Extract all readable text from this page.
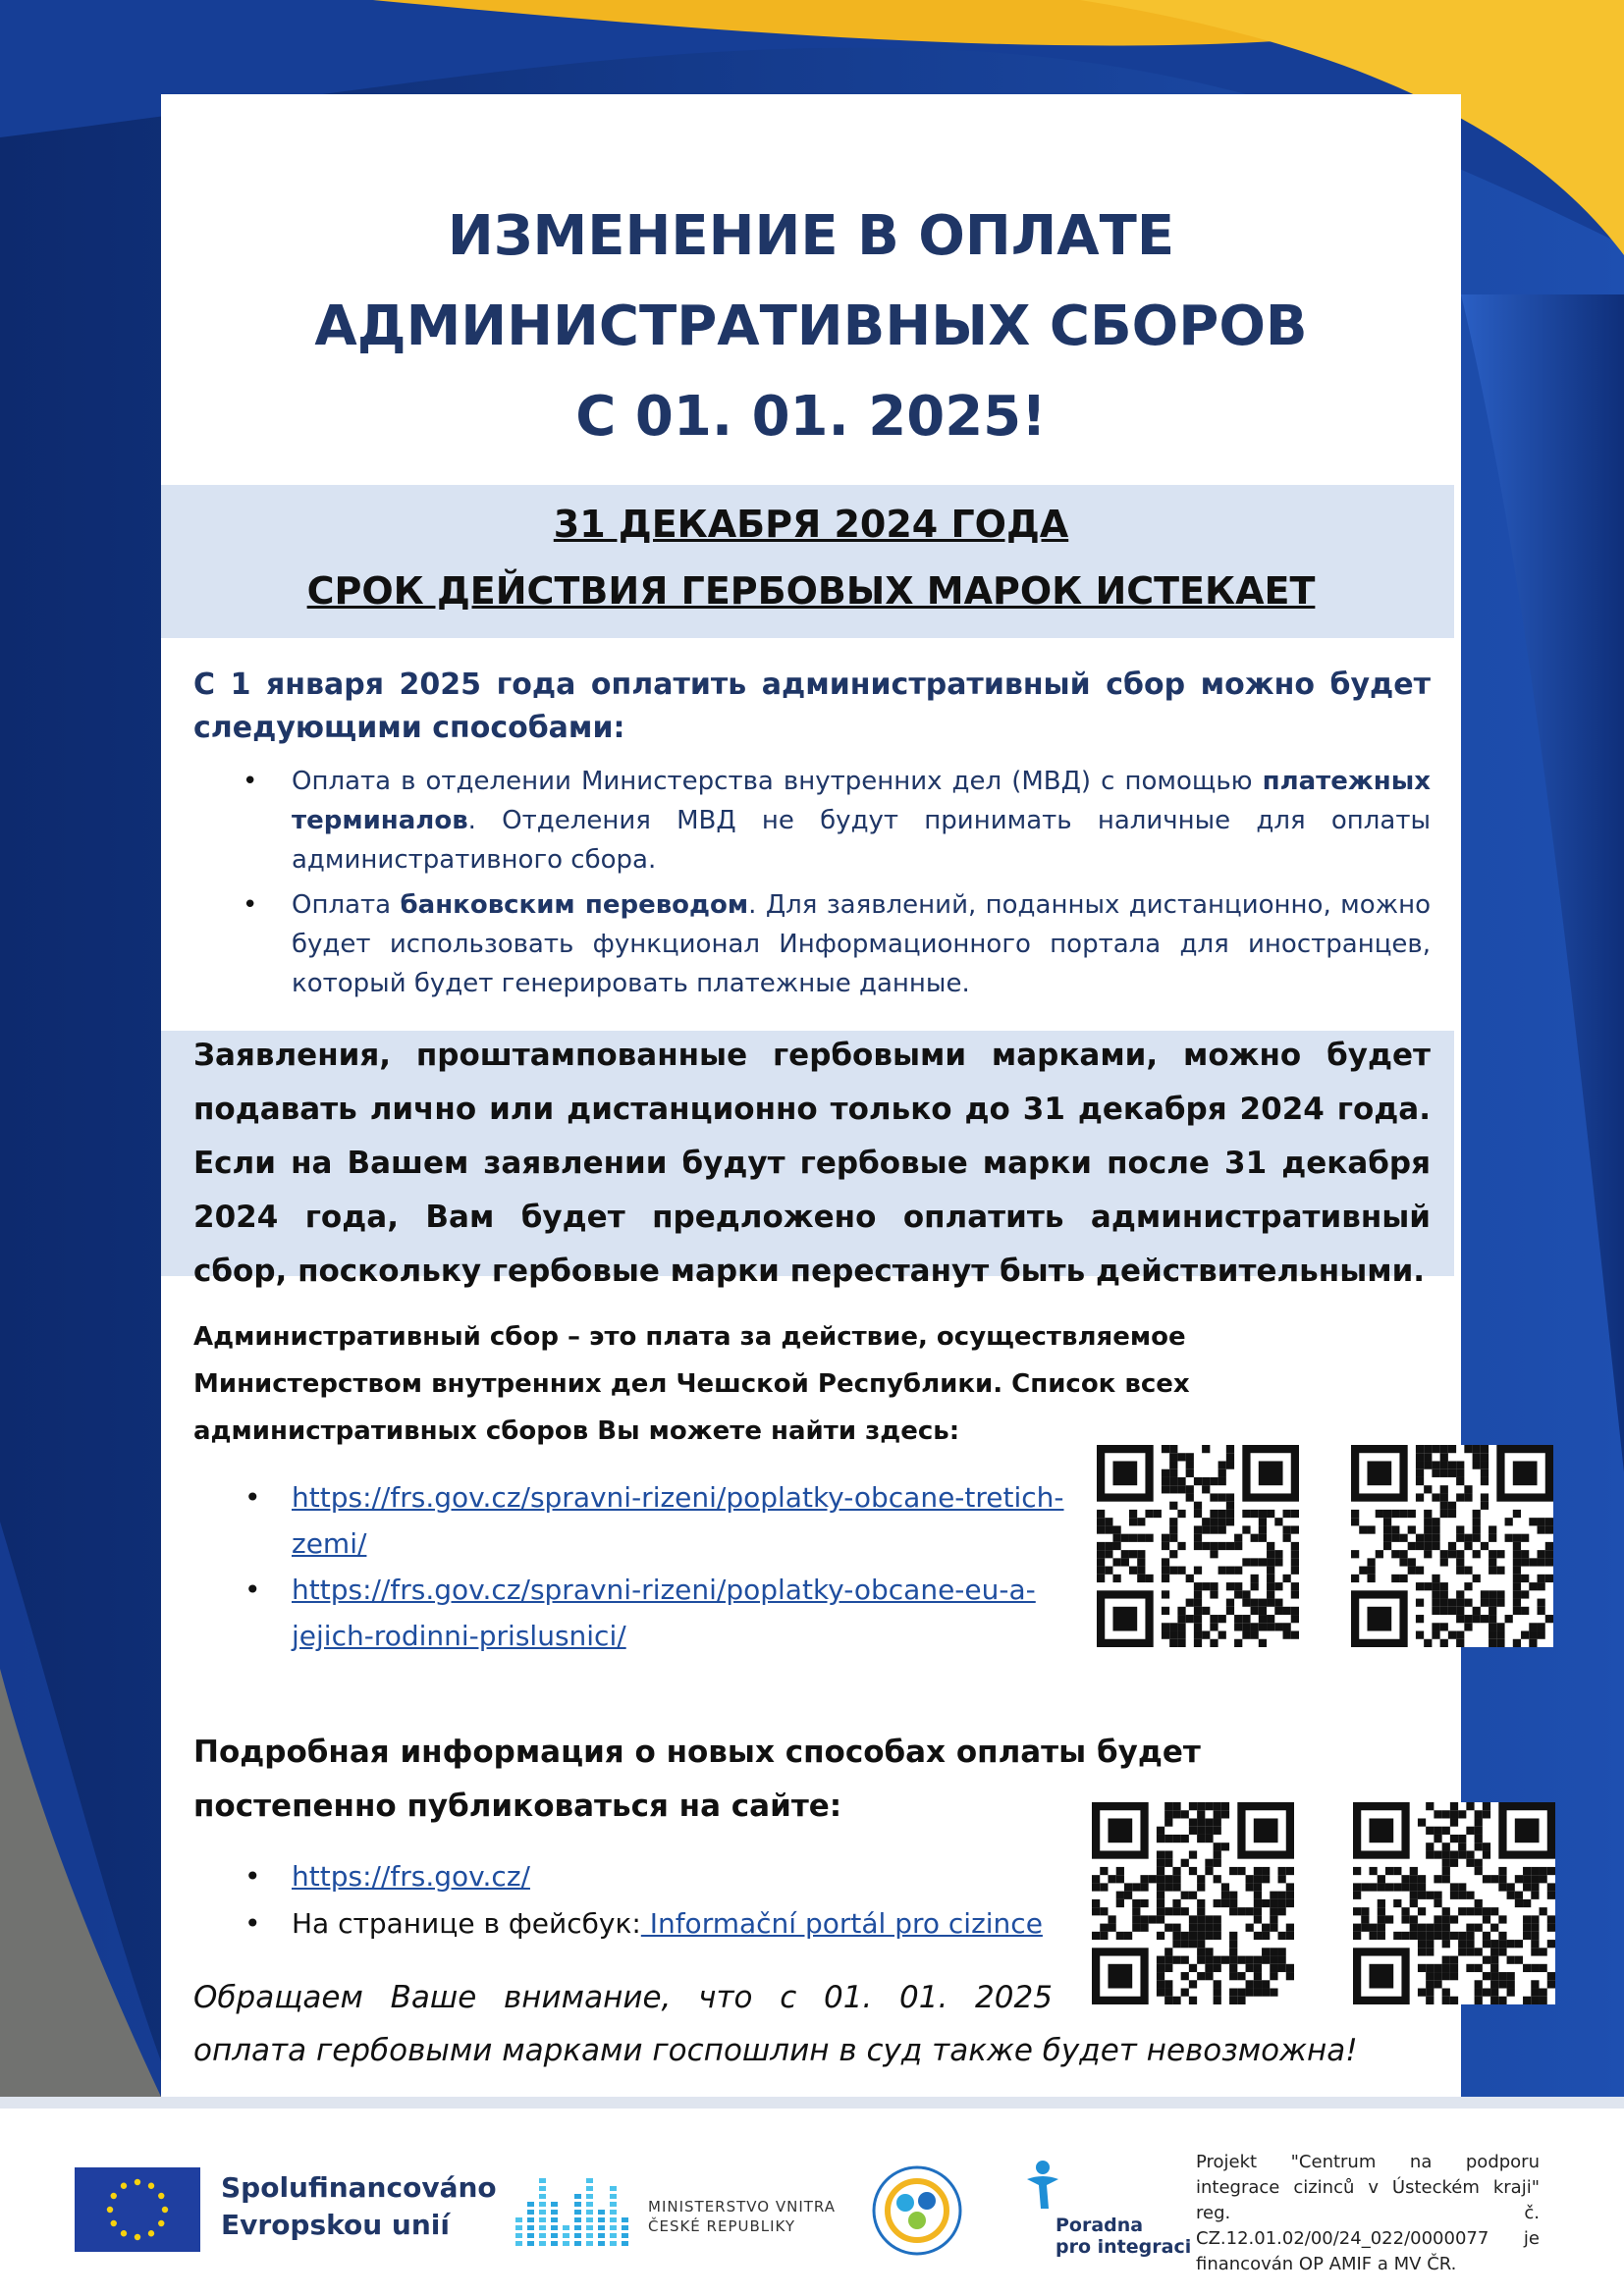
ИЗМЕНЕНИЕ В ОПЛАТЕ
АДМИНИСТРАТИВНЫХ СБОРОВ
С 01. 01. 2025!
31 ДЕКАБРЯ 2024 ГОДА
СРОК ДЕЙСТВИЯ ГЕРБОВЫХ МАРОК ИСТЕКАЕТ
С 1 января 2025 года оплатить административный сбор можно будет следующими способами:
• Оплата в отделении Министерства внутренних дел (МВД) с помощью платежных терминалов. Отделения МВД не будут принимать наличные для оплаты административного сбора.
• Оплата банковским переводом. Для заявлений, поданных дистанционно, можно будет использовать функционал Информационного портала для иностранцев, который будет генерировать платежные данные.
Заявления, проштампованные гербовыми марками, можно будет подавать лично или дистанционно только до 31 декабря 2024 года. Если на Вашем заявлении будут гербовые марки после 31 декабря 2024 года, Вам будет предложено оплатить административный сбор, поскольку гербовые марки перестанут быть действительными.
Административный сбор – это плата за действие, осуществляемое Министерством внутренних дел Чешской Республики. Список всех административных сборов Вы можете найти здесь:
• https://frs.gov.cz/spravni-rizeni/poplatky-obcane-tretich-
zemi/
• https://frs.gov.cz/spravni-rizeni/poplatky-obcane-eu-a-
jejich-rodinni-prislusnici/
Подробная информация о новых способах оплаты будет постепенно публиковаться на сайте:
• https://frs.gov.cz/
• На странице в фейсбук: Informační portál pro cizince
Обращаем Ваше внимание, что с 01. 01. 2025
оплата гербовыми марками госпошлин в суд также будет невозможна!
Spolufinancováno
Evropskou unií
MINISTERSTVO VNITRA
ČESKÉ REPUBLIKY	Poradna
pro integraci
Projekt "Centrum na podporu integrace cizinců v Ústeckém kraji" reg. č. CZ.12.01.02/00/24_022/0000077 je financován OP AMIF a MV ČR.
